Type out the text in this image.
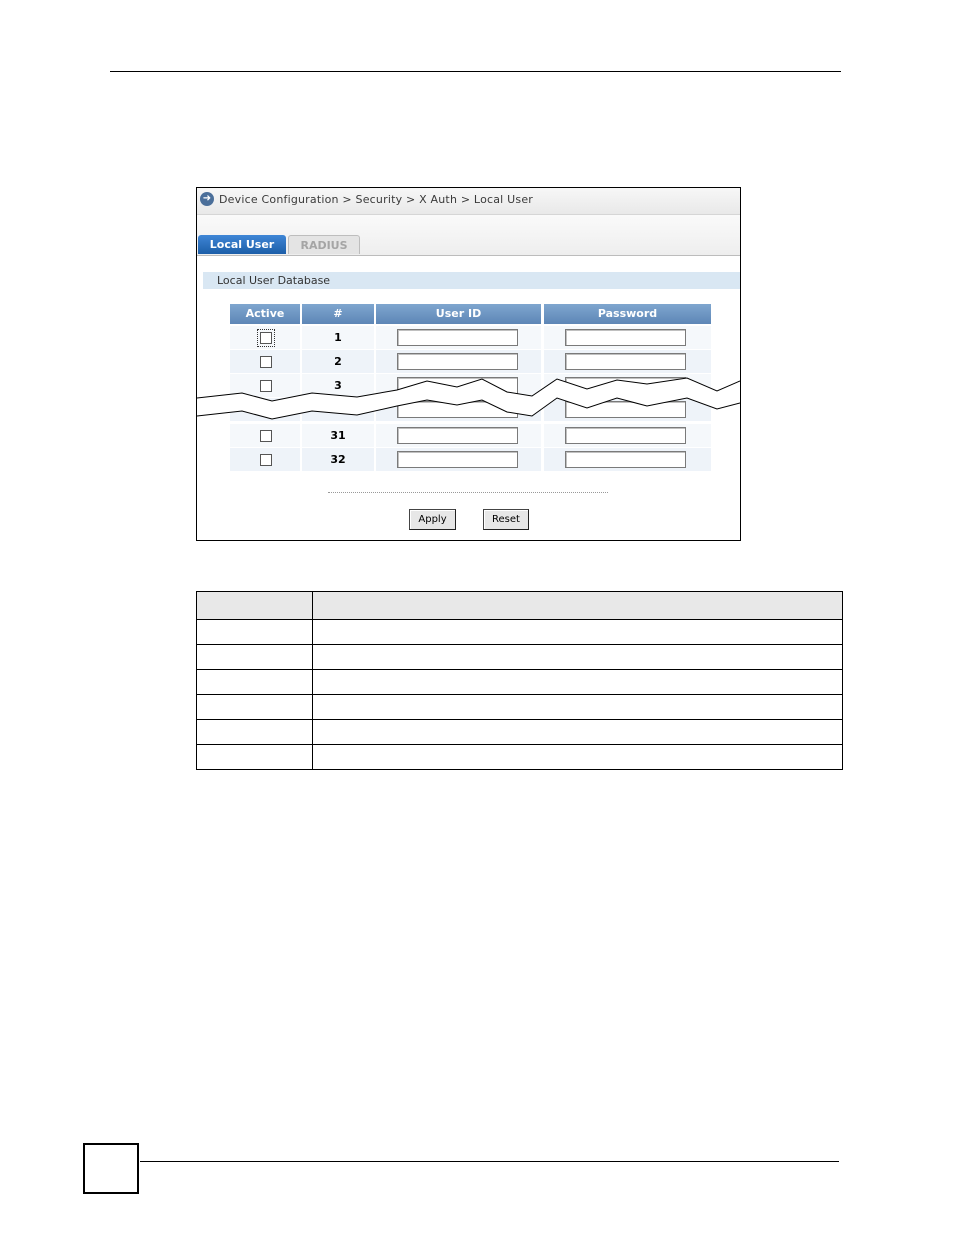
➜ Device Configuration > Security > X Auth > Local User
Local User	RADIUS
Local User Database
Active	#	User ID	Password
1
2
3
31
32
Apply	Reset
